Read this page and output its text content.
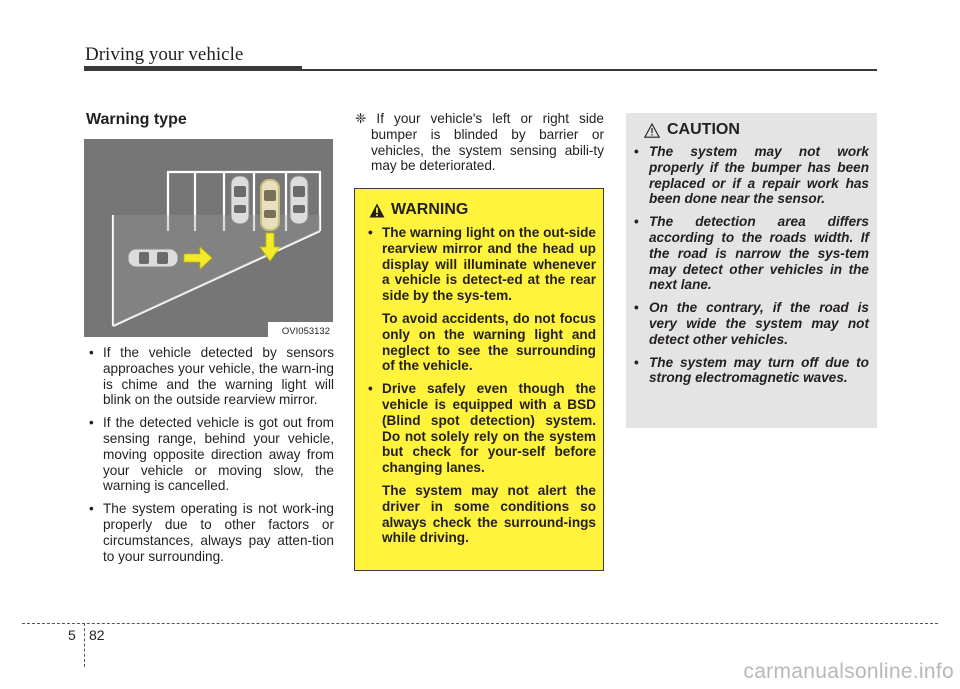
Driving your vehicle
Warning type
OVI053132
• If the vehicle detected by sensors approaches your vehicle, the warn-ing is chime and the warning light will blink on the outside rearview mirror.
• If the detected vehicle is got out from sensing range, behind your vehicle, moving opposite direction away from your vehicle or moving slow, the warning is cancelled.
• The system operating is not work-ing properly due to other factors or circumstances, always pay atten-tion to your surrounding.
❈ If your vehicle's left or right side bumper is blinded by barrier or vehicles, the system sensing abili-ty may be deteriorated.
WARNING

• The warning light on the out-side rearview mirror and the head up display will illuminate whenever a vehicle is detect-ed at the rear side by the sys-tem.

To avoid accidents, do not focus only on the warning light and neglect to see the surrounding of the vehicle.

• Drive safely even though the vehicle is equipped with a BSD (Blind spot detection) system. Do not solely rely on the system but check for your-self before changing lanes.

The system may not alert the driver in some conditions so always check the surround-ings while driving.

CAUTION
• The system may not work properly if the bumper has been replaced or if a repair work has been done near the sensor.
• The detection area differs according to the roads width. If the road is narrow the sys-tem may detect other vehicles in the next lane.
• On the contrary, if the road is very wide the system may not detect other vehicles.
• The system may turn off due to strong electromagnetic waves.
5 82
carmanualsonline.info
